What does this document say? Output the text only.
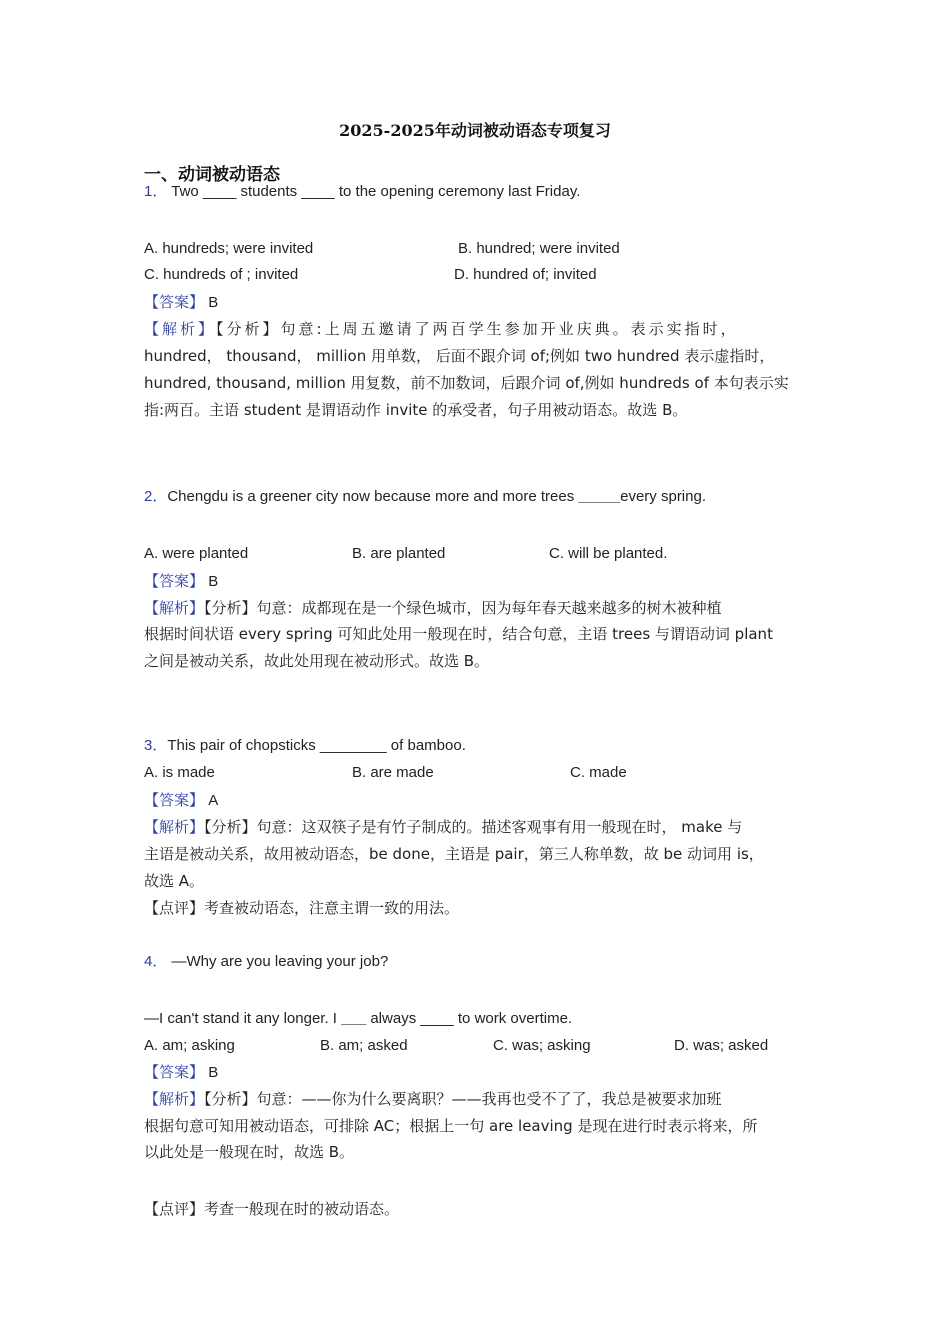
2025-2025年动词被动语态专项复习
一、动词被动语态
1． Two ____ students ____ to the opening ceremony last Friday.
A. hundreds; were invited	B. hundred; were invited
C. hundreds of ; invited	D. hundred of; invited
【答案】 B
【解析】【分析】句意:上周五邀请了两百学生参加开业庆典。表示实指时，
hundred， thousand， million 用单数， 后面不跟介词 of;例如 two hundred 表示虚指时，
hundred, thousand, million 用复数，前不加数词，后跟介词 of,例如 hundreds of 本句表示实
指:两百。主语 student 是谓语动作 invite 的承受者，句子用被动语态。故选 B。
2．Chengdu is a greener city now because more and more trees _____every spring.
A. were planted	B. are planted	C. will be planted.
【答案】 B
【解析】【分析】句意：成都现在是一个绿色城市，因为每年春天越来越多的树木被种植
根据时间状语 every spring 可知此处用一般现在时，结合句意，主语 trees 与谓语动词 plant
之间是被动关系，故此处用现在被动形式。故选 B。
3．This pair of chopsticks ________ of bamboo.
A. is made	B. are made	C. made
【答案】 A
【解析】【分析】句意：这双筷子是有竹子制成的。描述客观事有用一般现在时， make 与
主语是被动关系，故用被动语态，be done，主语是 pair，第三人称单数，故 be 动词用 is，
故选 A。
【点评】考查被动语态，注意主谓一致的用法。
4． —Why are you leaving your job?
—I can't stand it any longer. I ___ always ____ to work overtime.
A. am; asking	B. am; asked	C. was; asking	D. was; asked
【答案】 B
【解析】【分析】句意：——你为什么要离职？——我再也受不了了，我总是被要求加班
根据句意可知用被动语态，可排除 AC；根据上一句 are leaving 是现在进行时表示将来，所
以此处是一般现在时，故选 B。
【点评】考查一般现在时的被动语态。
